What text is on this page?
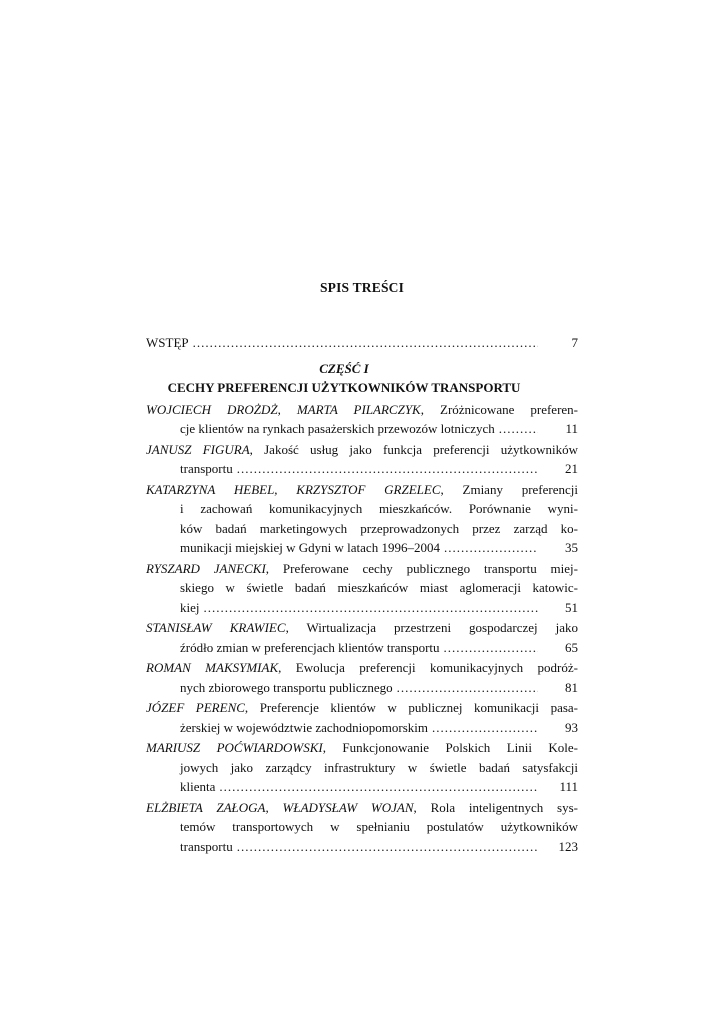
SPIS TREŚCI
WSTĘP .....	7
CZĘŚĆ I
CECHY PREFERENCJI UŻYTKOWNIKÓW TRANSPORTU
WOJCIECH DROŻDŻ, MARTA PILARCZYK, Zróżnicowane preferen-
cje klientów na rynkach pasażerskich przewozów lotniczych .....	11
JANUSZ FIGURA, Jakość usług jako funkcja preferencji użytkowników
transportu .....	21
KATARZYNA HEBEL, KRZYSZTOF GRZELEC, Zmiany preferencji
i zachowań komunikacyjnych mieszkańców. Porównanie wyni-
ków badań marketingowych przeprowadzonych przez zarząd ko-
munikacji miejskiej w Gdyni w latach 1996–2004 .....	35
RYSZARD JANECKI, Preferowane cechy publicznego transportu miej-
skiego w świetle badań mieszkańców miast aglomeracji katowic-
kiej .....	51
STANISŁAW KRAWIEC, Wirtualizacja przestrzeni gospodarczej jako
źródło zmian w preferencjach klientów transportu .....	65
ROMAN MAKSYMIAK, Ewolucja preferencji komunikacyjnych podróż-
nych zbiorowego transportu publicznego .....	81
JÓZEF PERENC, Preferencje klientów w publicznej komunikacji pasa-
żerskiej w województwie zachodniopomorskim .....	93
MARIUSZ POĆWIARDOWSKI, Funkcjonowanie Polskich Linii Kole-
jowych jako zarządcy infrastruktury w świetle badań satysfakcji
klienta .....	111
ELŻBIETA ZAŁOGA, WŁADYSŁAW WOJAN, Rola inteligentnych sys-
temów transportowych w spełnianiu postulatów użytkowników
transportu .....	123
